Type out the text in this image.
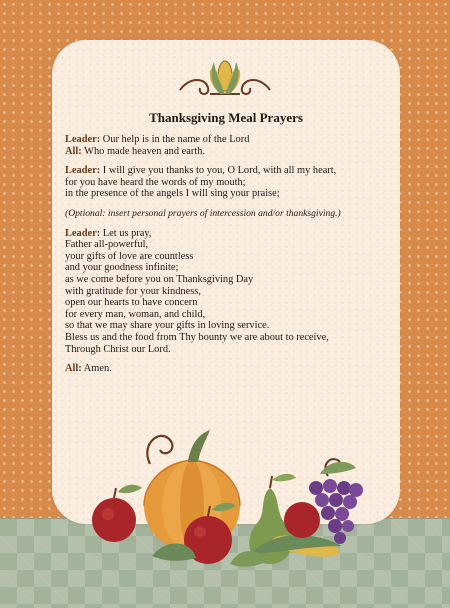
Thanksgiving Meal Prayers

Leader: Our help is in the name of the Lord
All: Who made heaven and earth.

Leader: I will give you thanks to you, O Lord, with all my heart,
for you have heard the words of my mouth;
in the presence of the angels I will sing your praise;

(Optional: insert personal prayers of intercession and/or thanksgiving.)

Leader: Let us pray,
Father all-powerful,
your gifts of love are countless
and your goodness infinite;
as we come before you on Thanksgiving Day
with gratitude for your kindness,
open our hearts to have concern
for every man, woman, and child,
so that we may share your gifts in loving service.
Bless us and the food from Thy bounty we are about to receive,
Through Christ our Lord.

All: Amen.
